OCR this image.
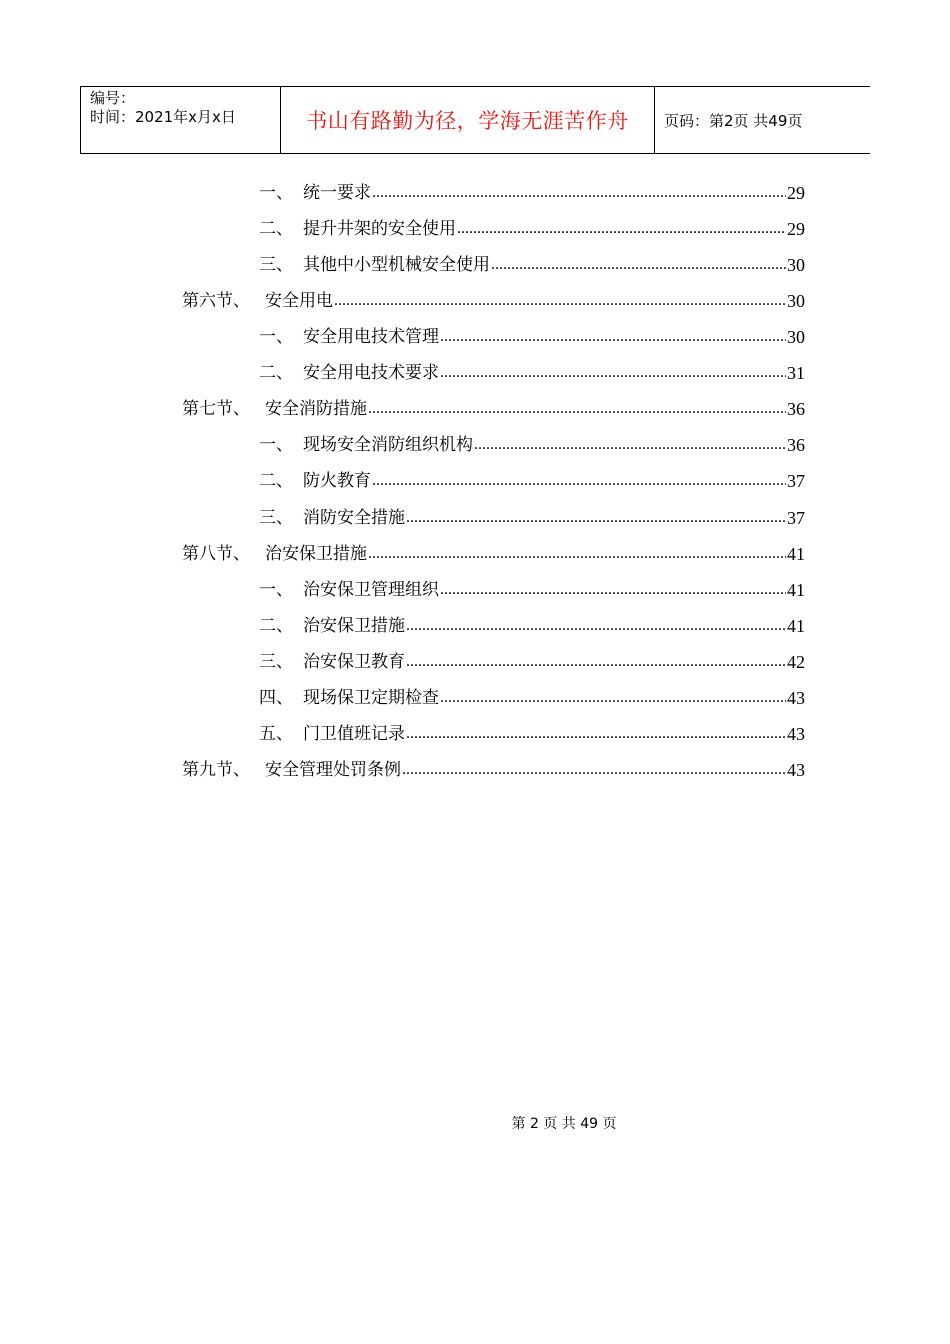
编号：
时间：2021年x月x日	书山有路勤为径，学海无涯苦作舟	页码：第2页 共49页
一、 统一要求 .....	29
二、 提升井架的安全使用 .....	29
三、 其他中小型机械安全使用 .....	30
第六节、 安全用电 .....	30
一、 安全用电技术管理 .....	30
二、 安全用电技术要求 .....	31
第七节、 安全消防措施 .....	36
一、 现场安全消防组织机构 .....	36
二、 防火教育 .....	37
三、 消防安全措施 .....	37
第八节、 治安保卫措施 .....	41
一、 治安保卫管理组织 .....	41
二、 治安保卫措施 .....	41
三、 治安保卫教育 .....	42
四、 现场保卫定期检查 .....	43
五、 门卫值班记录 .....	43
第九节、 安全管理处罚条例 .....	43
第 2 页 共 49 页
